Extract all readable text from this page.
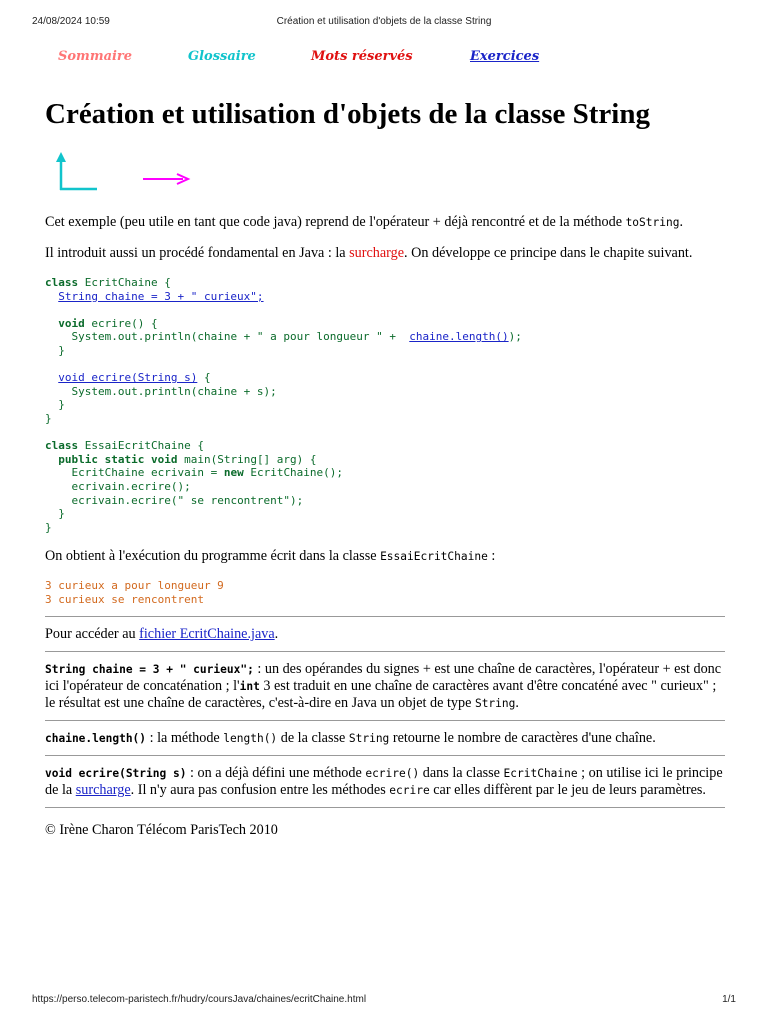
24/08/2024 10:59	Création et utilisation d'objets de la classe String
Sommaire	Glossaire	Mots réservés	Exercices
Création et utilisation d'objets de la classe String

Cet exemple (peu utile en tant que code java) reprend de l'opérateur + déjà rencontré et de la méthode toString.

Il introduit aussi un procédé fondamental en Java : la surcharge. On développe ce principe dans le chapite suivant.

class EcritChaine {
String chaine = 3 + " curieux";

void ecrire() {
System.out.println(chaine + " a pour longueur " +  chaine.length());
}

void ecrire(String s) {
System.out.println(chaine + s);
}
}

class EssaiEcritChaine {
public static void main(String[] arg) {
EcritChaine ecrivain = new EcritChaine();
ecrivain.ecrire();
ecrivain.ecrire(" se rencontrent");
}
}

On obtient à l'exécution du programme écrit dans la classe EssaiEcritChaine :

3 curieux a pour longueur 9
3 curieux se rencontrent

Pour accéder au fichier EcritChaine.java.

String chaine = 3 + " curieux"; : un des opérandes du signes + est une chaîne de caractères, l'opérateur + est donc ici l'opérateur de concaténation ; l'int 3 est traduit en une chaîne de caractères avant d'être concaténé avec " curieux" ; le résultat est une chaîne de caractères, c'est-à-dire en Java un objet de type String.

chaine.length() : la méthode length() de la classe String retourne le nombre de caractères d'une chaîne.

void ecrire(String s) : on a déjà défini une méthode ecrire() dans la classe EcritChaine ; on utilise ici le principe de la surcharge. Il n'y aura pas confusion entre les méthodes ecrire car elles diffèrent par le jeu de leurs paramètres.

© Irène Charon Télécom ParisTech 2010

https://perso.telecom-paristech.fr/hudry/coursJava/chaines/ecritChaine.html	1/1
